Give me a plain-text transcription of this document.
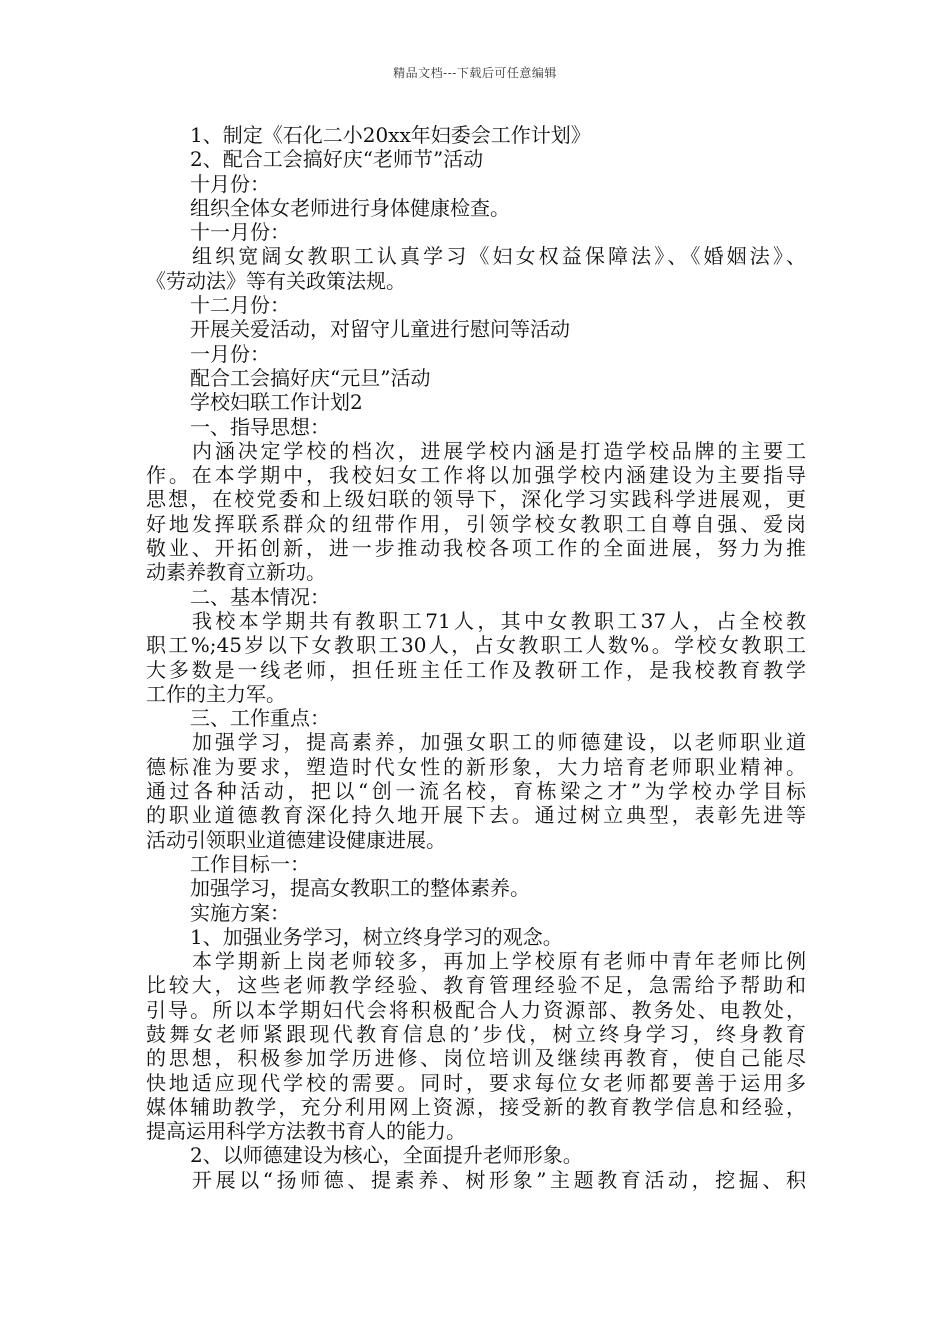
精品文档---下载后可任意编辑
1、制定《石化二小20xx年妇委会工作计划》
2、配合工会搞好庆“老师节”活动
十月份：
组织全体女老师进行身体健康检查。
十一月份：
组织宽阔女教职工认真学习《妇女权益保障法》、《婚姻法》、
《劳动法》等有关政策法规。
十二月份：
开展关爱活动，对留守儿童进行慰问等活动
一月份：
配合工会搞好庆“元旦”活动
学校妇联工作计划2
一、指导思想：
内涵决定学校的档次，进展学校内涵是打造学校品牌的主要工
作。在本学期中，我校妇女工作将以加强学校内涵建设为主要指导
思想，在校党委和上级妇联的领导下，深化学习实践科学进展观，更
好地发挥联系群众的纽带作用，引领学校女教职工自尊自强、爱岗
敬业、开拓创新，进一步推动我校各项工作的全面进展，努力为推
动素养教育立新功。
二、基本情况：
我校本学期共有教职工71人，其中女教职工37人，占全校教
职工%;45岁以下女教职工30人，占女教职工人数%。学校女教职工
大多数是一线老师，担任班主任工作及教研工作，是我校教育教学
工作的主力军。
三、工作重点：
加强学习，提高素养，加强女职工的师德建设，以老师职业道
德标准为要求，塑造时代女性的新形象，大力培育老师职业精神。
通过各种活动，把以“创一流名校，育栋梁之才”为学校办学目标
的职业道德教育深化持久地开展下去。通过树立典型，表彰先进等
活动引领职业道德建设健康进展。
工作目标一：
加强学习，提高女教职工的整体素养。
实施方案：
1、加强业务学习，树立终身学习的观念。
本学期新上岗老师较多，再加上学校原有老师中青年老师比例
比较大，这些老师教学经验、教育管理经验不足，急需给予帮助和
引导。所以本学期妇代会将积极配合人力资源部、教务处、电教处，
鼓舞女老师紧跟现代教育信息的’步伐，树立终身学习，终身教育
的思想，积极参加学历进修、岗位培训及继续再教育，使自己能尽
快地适应现代学校的需要。同时，要求每位女老师都要善于运用多
媒体辅助教学，充分利用网上资源，接受新的教育教学信息和经验，
提高运用科学方法教书育人的能力。
2、以师德建设为核心，全面提升老师形象。
开展以“扬师德、提素养、树形象”主题教育活动，挖掘、积
